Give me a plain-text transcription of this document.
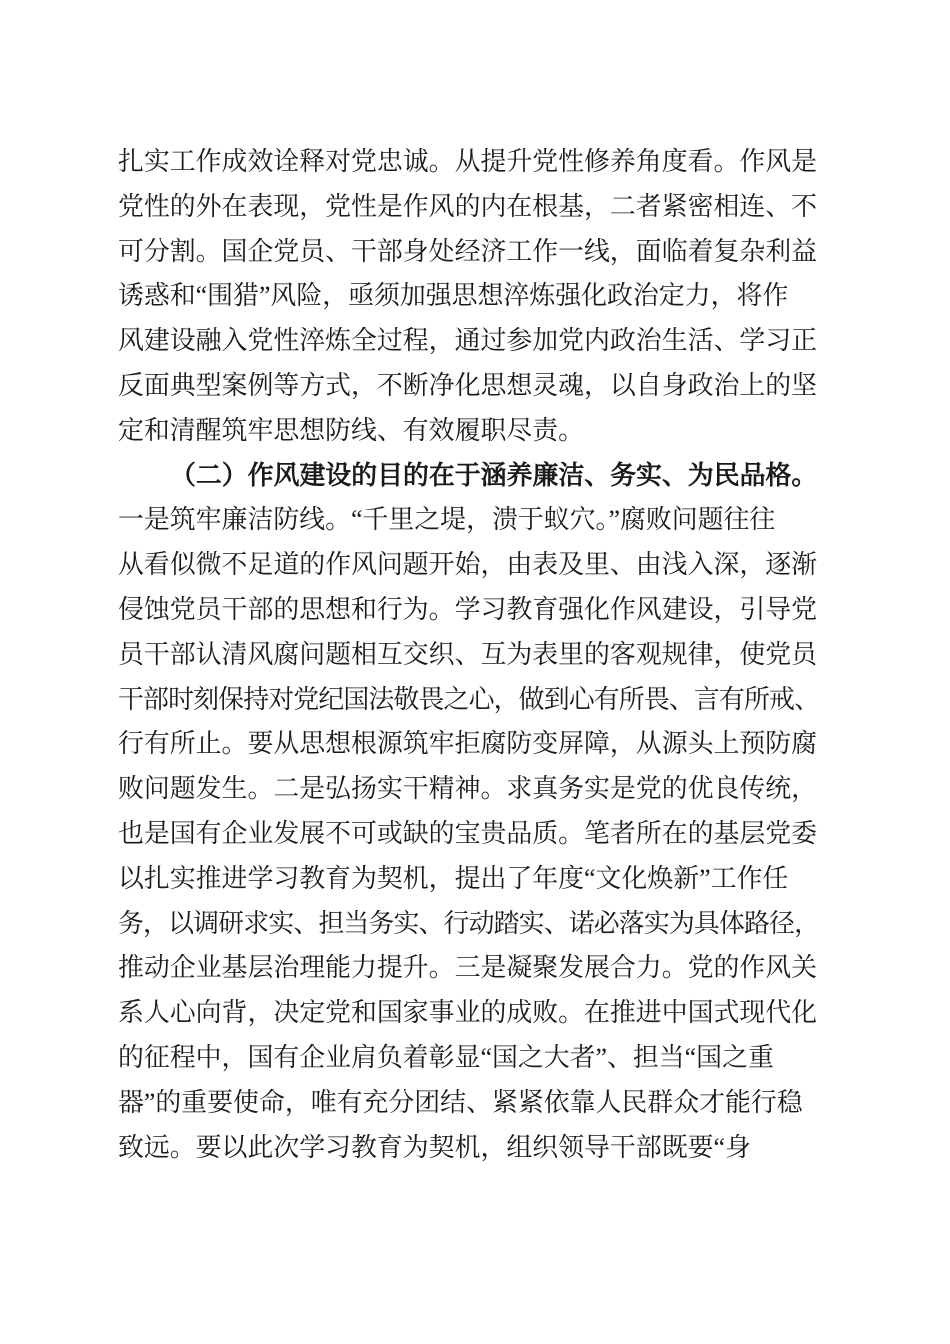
扎实工作成效诠释对党忠诚。从提升党性修养角度看。作风是
党性的外在表现，党性是作风的内在根基，二者紧密相连、不
可分割。国企党员、干部身处经济工作一线，面临着复杂利益
诱惑和“围猎”风险，亟须加强思想淬炼强化政治定力，将作
风建设融入党性淬炼全过程，通过参加党内政治生活、学习正
反面典型案例等方式，不断净化思想灵魂，以自身政治上的坚
定和清醒筑牢思想防线、有效履职尽责。
（二）作风建设的目的在于涵养廉洁、务实、为民品格。
一是筑牢廉洁防线。“千里之堤，溃于蚁穴。”腐败问题往往
从看似微不足道的作风问题开始，由表及里、由浅入深，逐渐
侵蚀党员干部的思想和行为。学习教育强化作风建设，引导党
员干部认清风腐问题相互交织、互为表里的客观规律，使党员
干部时刻保持对党纪国法敬畏之心，做到心有所畏、言有所戒、
行有所止。要从思想根源筑牢拒腐防变屏障，从源头上预防腐
败问题发生。二是弘扬实干精神。求真务实是党的优良传统，
也是国有企业发展不可或缺的宝贵品质。笔者所在的基层党委
以扎实推进学习教育为契机，提出了年度“文化焕新”工作任
务，以调研求实、担当务实、行动踏实、诺必落实为具体路径，
推动企业基层治理能力提升。三是凝聚发展合力。党的作风关
系人心向背，决定党和国家事业的成败。在推进中国式现代化
的征程中，国有企业肩负着彰显“国之大者”、担当“国之重
器”的重要使命，唯有充分团结、紧紧依靠人民群众才能行稳
致远。要以此次学习教育为契机，组织领导干部既要“身
